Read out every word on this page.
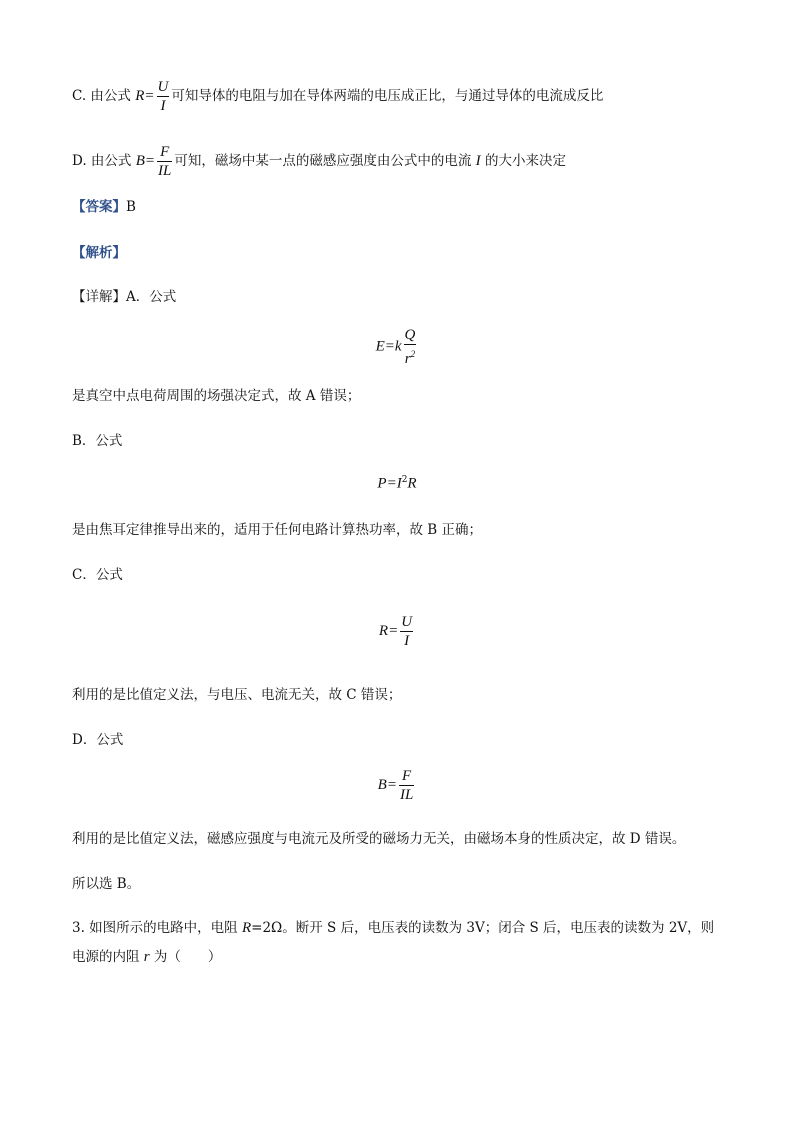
C. 由公式 $R= \frac{U}{I}$ 可知导体的电阻与加在导体两端的电压成正比，与通过导体的电流成反比
D. 由公式 $B= \frac{F}{IL}$ 可知，磁场中某一点的磁感应强度由公式中的电流 I 的大小来决定
【答案】B
【解析】
【详解】A．公式
$E=k \frac{Q}{r^2}$
是真空中点电荷周围的场强决定式，故 A 错误；
B．公式
$P=I^2R$
是由焦耳定律推导出来的，适用于任何电路计算热功率，故 B 正确；
C．公式
$R= \frac{U}{I}$
利用的是比值定义法，与电压、电流无关，故 C 错误；
D．公式
$B= \frac{F}{IL}$
利用的是比值定义法，磁感应强度与电流元及所受的磁场力无关，由磁场本身的性质决定，故 D 错误。
所以选 B。
3. 如图所示的电路中，电阻 R=2Ω。断开 S 后，电压表的读数为 3V；闭合 S 后，电压表的读数为 2V，则
电源的内阻 r 为（　　）
